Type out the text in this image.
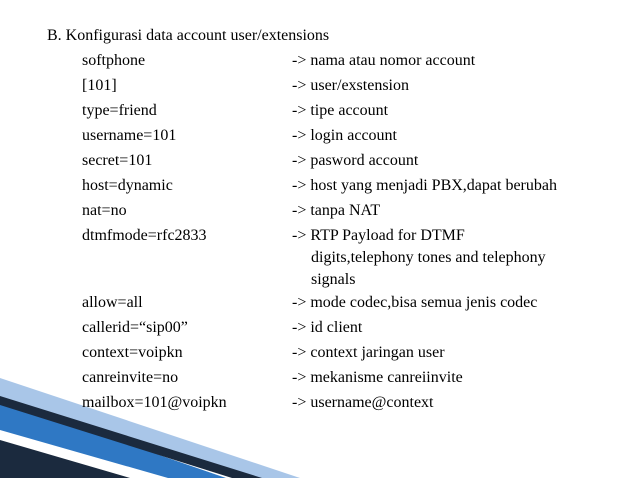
B. Konfigurasi data account user/extensions
softphone	-> nama atau nomor account
[101]	-> user/exstension
type=friend	-> tipe account
username=101	-> login account
secret=101	-> pasword account
host=dynamic	-> host yang menjadi PBX,dapat berubah
nat=no	-> tanpa NAT
dtmfmode=rfc2833	-> RTP Payload for DTMF
digits,telephony tones and telephony
signals
allow=all	-> mode codec,bisa semua jenis codec
callerid=“sip00”	-> id client
context=voipkn	-> context jaringan user
canreinvite=no	-> mekanisme canreiinvite
mailbox=101@voipkn	-> username@context
